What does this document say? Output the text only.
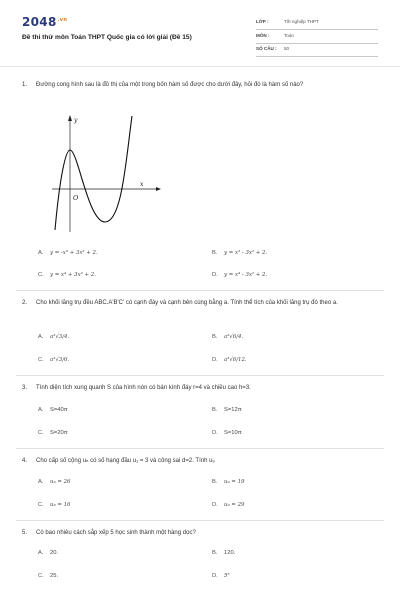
$2048^{.vn}$
Đề thi thử môn Toán THPT Quốc gia có lời giải (Đề 15)
LỚP :	Tốt nghiệp THPT
MÔN :	Toán
SỐ CÂU : 50
1. Đường cong hình sau là đồ thị của một trong bốn hàm số được cho dưới đây, hỏi đó là hàm số nào?
y
x
O
A. y = -x³ + 3x² + 2.	B. y = x³ - 3x² + 2.
C. y = x⁴ + 3x² + 2.	D. y = x⁴ - 3x² + 2.
2. Cho khối lăng trụ đều ABC.A'B'C' có cạnh đáy và cạnh bên cùng bằng a. Tính thể tích của khối lăng trụ đó theo a.
A. a³√3/4.	B. a³√6/4.
C. a³√3/6.	D. a³√6/12.
3. Tính diện tích xung quanh S của hình nón có bán kính đáy r=4 và chiều cao h=3.
A. S=40π	B. S=12π
C. S=20π	D. S=10π
4. Cho cấp số cộng uₙ có số hạng đầu u₁ = 3 và công sai d=2. Tính u₉
A. u₉ = 26	B. u₉ = 19
C. u₉ = 16	D. u₉ = 29
5. Có bao nhiêu cách sắp xếp 5 học sinh thành một hàng dọc?
A. 20.	B. 120.
C. 25.	D. 5⁵
